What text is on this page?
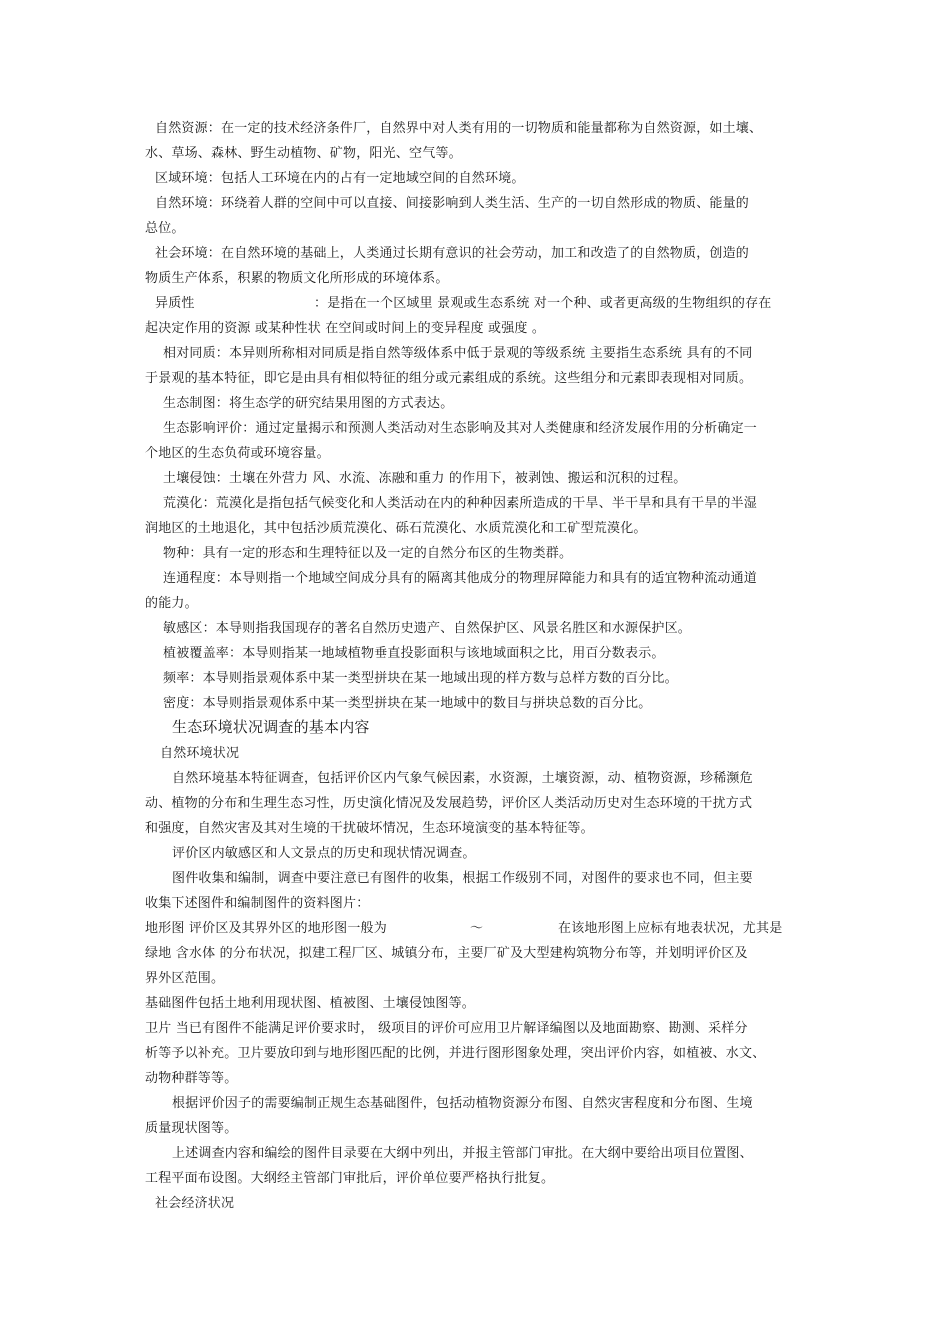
自然资源：在一定的技术经济条件厂，自然界中对人类有用的一切物质和能量都称为自然资源，如土壤、
水、草场、森林、野生动植物、矿物，阳光、空气等。
区域环境：包括人工环境在内的占有一定地域空间的自然环境。
自然环境：环绕着人群的空间中可以直接、间接影响到人类生活、生产的一切自然形成的物质、能量的
总位。
社会环境：在自然环境的基础上，人类通过长期有意识的社会劳动，加工和改造了的自然物质，创造的
物质生产体系，积累的物质文化所形成的环境体系。
异质性	：是指在一个区域里 景观或生态系统 对一个种、或者更高级的生物组织的存在
起决定作用的资源 或某种性状 在空间或时间上的变异程度 或强度 。
相对同质：本异则所称相对同质是指自然等级体系中低于景观的等级系统 主要指生态系统 具有的不同
于景观的基本特征，即它是由具有相似特征的组分或元素组成的系统。这些组分和元素即表现相对同质。
生态制图：将生态学的研究结果用图的方式表达。
生态影响评价：通过定量揭示和预测人类活动对生态影响及其对人类健康和经济发展作用的分析确定一
个地区的生态负荷或环境容量。
土壤侵蚀：土壤在外营力 风、水流、冻融和重力 的作用下，被剥蚀、搬运和沉积的过程。
荒漠化：荒漠化是指包括气候变化和人类活动在内的种种因素所造成的干旱、半干旱和具有干旱的半湿
润地区的土地退化，其中包括沙质荒漠化、砾石荒漠化、水质荒漠化和工矿型荒漠化。
物种：具有一定的形态和生理特征以及一定的自然分布区的生物类群。
连通程度：本导则指一个地域空间成分具有的隔离其他成分的物理屏障能力和具有的适宜物种流动通道
的能力。
敏感区：本导则指我国现存的著名自然历史遗产、自然保护区、风景名胜区和水源保护区。
植被覆盖率：本导则指某一地域植物垂直投影面积与该地域面积之比，用百分数表示。
频率：本导则指景观体系中某一类型拼块在某一地域出现的样方数与总样方数的百分比。
密度：本导则指景观体系中某一类型拼块在某一地域中的数目与拼块总数的百分比。
生态环境状况调查的基本内容
自然环境状况
自然环境基本特征调查，包括评价区内气象气候因素，水资源，土壤资源，动、植物资源，珍稀濒危
动、植物的分布和生理生态习性，历史演化情况及发展趋势，评价区人类活动历史对生态环境的干扰方式
和强度，自然灾害及其对生境的干扰破坏情况，生态环境演变的基本特征等。
评价区内敏感区和人文景点的历史和现状情况调查。
图件收集和编制，调查中要注意已有图件的收集，根据工作级别不同，对图件的要求也不同，但主要
收集下述图件和编制图件的资料图片：
地形图 评价区及其界外区的地形图一般为	～	在该地形图上应标有地表状况，尤其是
绿地 含水体 的分布状况，拟建工程厂区、城镇分布，主要厂矿及大型建构筑物分布等，并划明评价区及
界外区范围。
基础图件包括土地利用现状图、植被图、土壤侵蚀图等。
卫片 当已有图件不能满足评价要求时， 级项目的评价可应用卫片解译编图以及地面勘察、勘测、采样分
析等予以补充。卫片要放印到与地形图匹配的比例，并进行图形图象处理，突出评价内容，如植被、水文、
动物种群等等。
根据评价因子的需要编制正规生态基础图件，包括动植物资源分布图、自然灾害程度和分布图、生境
质量现状图等。
上述调查内容和编绘的图件目录要在大纲中列出，并报主管部门审批。在大纲中要给出项目位置图、
工程平面布设图。大纲经主管部门审批后，评价单位要严格执行批复。
社会经济状况
